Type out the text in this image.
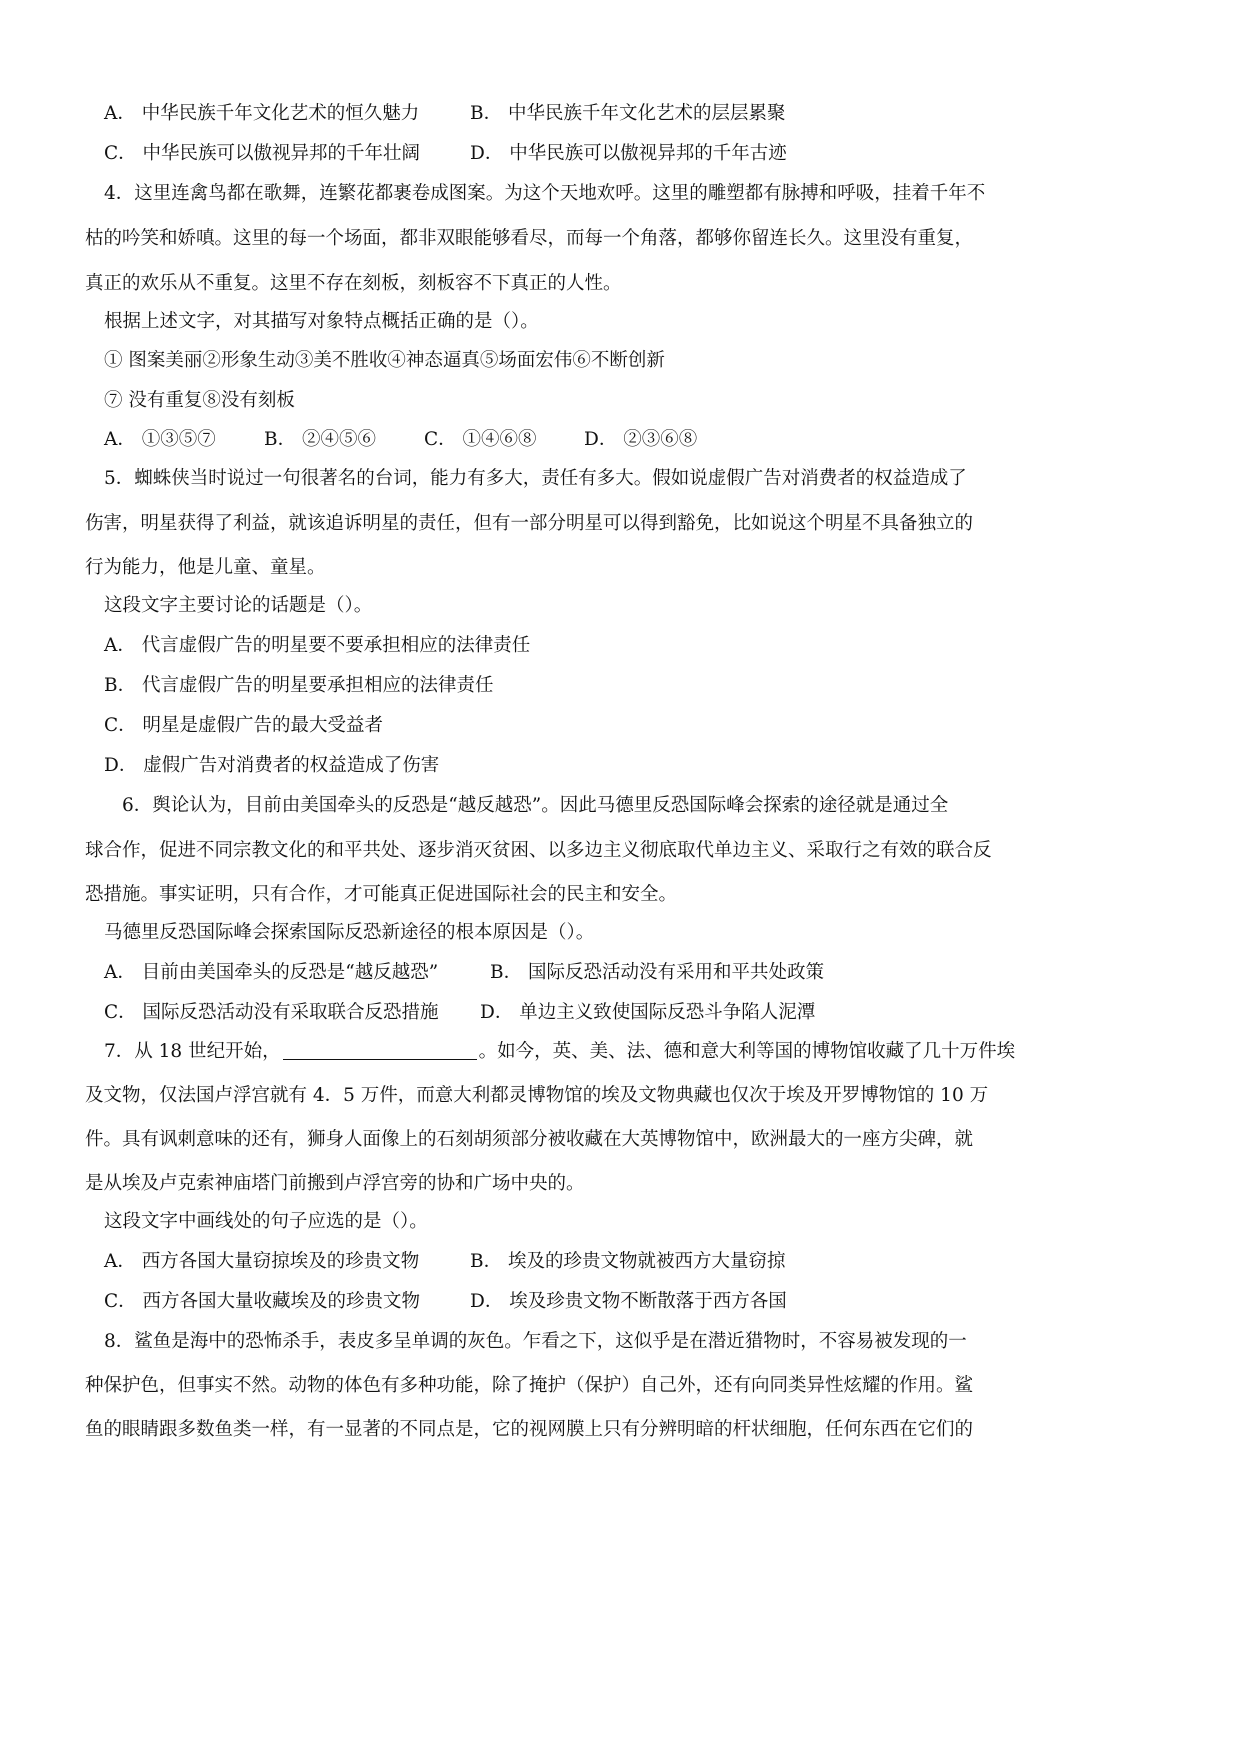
A． 中华民族千年文化艺术的恒久魅力	B． 中华民族千年文化艺术的层层累聚
C． 中华民族可以傲视异邦的千年壮阔	D． 中华民族可以傲视异邦的千年古迹
4．这里连禽鸟都在歌舞，连繁花都裹卷成图案。为这个天地欢呼。这里的雕塑都有脉搏和呼吸，挂着千年不
枯的吟笑和娇嗔。这里的每一个场面，都非双眼能够看尽，而每一个角落，都够你留连长久。这里没有重复，
真正的欢乐从不重复。这里不存在刻板，刻板容不下真正的人性。
根据上述文字，对其描写对象特点概括正确的是（）。
① 图案美丽②形象生动③美不胜收④神态逼真⑤场面宏伟⑥不断创新
⑦ 没有重复⑧没有刻板
A． ①③⑤⑦	B． ②④⑤⑥	C． ①④⑥⑧	D． ②③⑥⑧
5．蜘蛛侠当时说过一句很著名的台词，能力有多大，责任有多大。假如说虚假广告对消费者的权益造成了
伤害，明星获得了利益，就该追诉明星的责任，但有一部分明星可以得到豁免，比如说这个明星不具备独立的
行为能力，他是儿童、童星。
这段文字主要讨论的话题是（）。
A． 代言虚假广告的明星要不要承担相应的法律责任
B． 代言虚假广告的明星要承担相应的法律责任
C． 明星是虚假广告的最大受益者
D． 虚假广告对消费者的权益造成了伤害
6．舆论认为，目前由美国牵头的反恐是“越反越恐”。因此马德里反恐国际峰会探索的途径就是通过全
球合作，促进不同宗教文化的和平共处、逐步消灭贫困、以多边主义彻底取代单边主义、采取行之有效的联合反
恐措施。事实证明，只有合作，才可能真正促进国际社会的民主和安全。
马德里反恐国际峰会探索国际反恐新途径的根本原因是（）。
A． 目前由美国牵头的反恐是“越反越恐”	B． 国际反恐活动没有采用和平共处政策
C． 国际反恐活动没有采取联合反恐措施 D． 单边主义致使国际反恐斗争陷人泥潭
7．从 18 世纪开始，	。如今，英、美、法、德和意大利等国的博物馆收藏了几十万件埃
及文物，仅法国卢浮宫就有 4．5 万件，而意大利都灵博物馆的埃及文物典藏也仅次于埃及开罗博物馆的 10 万
件。具有讽刺意味的还有，狮身人面像上的石刻胡须部分被收藏在大英博物馆中，欧洲最大的一座方尖碑，就
是从埃及卢克索神庙塔门前搬到卢浮宫旁的协和广场中央的。
这段文字中画线处的句子应选的是（）。
A． 西方各国大量窃掠埃及的珍贵文物	B． 埃及的珍贵文物就被西方大量窃掠
C． 西方各国大量收藏埃及的珍贵文物	D． 埃及珍贵文物不断散落于西方各国
8．鲨鱼是海中的恐怖杀手，表皮多呈单调的灰色。乍看之下，这似乎是在潜近猎物时，不容易被发现的一
种保护色，但事实不然。动物的体色有多种功能，除了掩护（保护）自己外，还有向同类异性炫耀的作用。鲨
鱼的眼睛跟多数鱼类一样，有一显著的不同点是，它的视网膜上只有分辨明暗的杆状细胞，任何东西在它们的
